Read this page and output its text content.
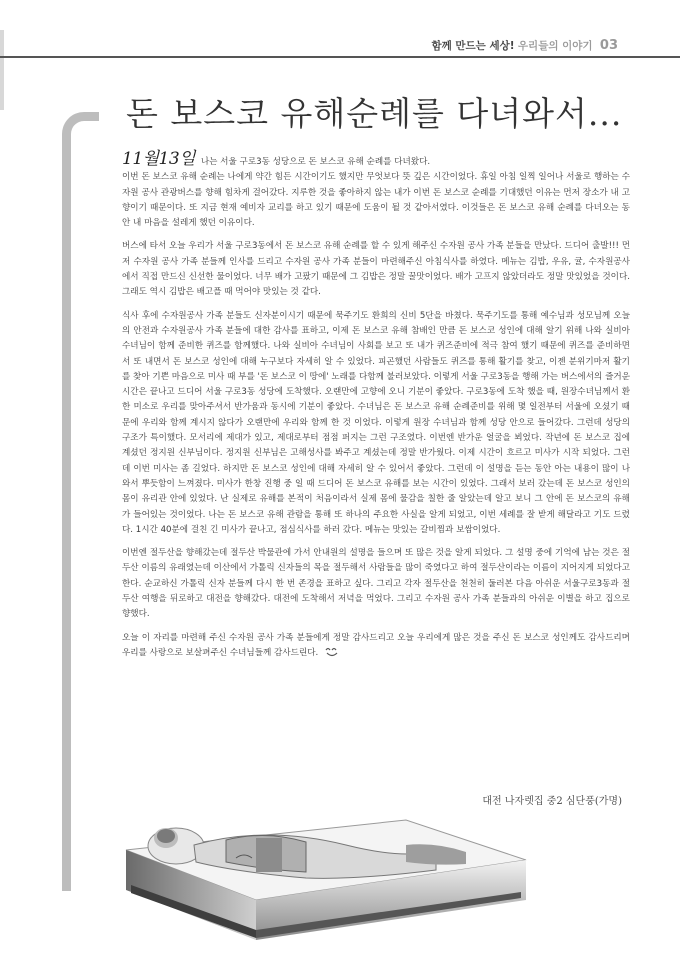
함께 만드는 세상! 우리들의 이야기 03
돈 보스코 유해순례를 다녀와서...

11월13일 나는 서울 구로3동 성당으로 돈 보스코 유해 순례를 다녀왔다.
이번 돈 보스코 유해 순례는 나에게 약간 힘든 시간이기도 했지만 무엇보다 뜻 깊은 시간이었다. 휴일 아침 일찍 일어나 서울로 행하는 수자원 공사 관광버스를 향해 힘차게 걸어갔다. 지루한 것을 좋아하지 않는 내가 이번 돈 보스코 순례를 기대했던 이유는 먼저 장소가 내 고향이기 때문이다. 또 지금 현재 예비자 교리를 하고 있기 때문에 도움이 될 것 같아서였다. 이것들은 돈 보스코 유해 순례를 다녀오는 동안 내 마음을 설레게 했던 이유이다.

버스에 타서 오늘 우리가 서울 구로3동에서 돈 보스코 유해 순례를 할 수 있게 해주신 수자원 공사 가족 분들을 만났다. 드디어 출발!!! 먼저 수자원 공사 가족 분들께 인사를 드리고 수자원 공사 가족 분들이 마련해주신 아침식사를 하였다. 메뉴는 김밥, 우유, 귤, 수자원공사에서 직접 만드신 신선한 물이었다. 너무 배가 고팠기 때문에 그 김밥은 정말 꿀맛이었다. 배가 고프지 않았더라도 정말 맛있었을 것이다. 그래도 역시 김밥은 배고플 때 먹어야 맛있는 것 같다.

식사 후에 수자원공사 가족 분들도 신자분이시기 때문에 묵주기도 환희의 신비 5단을 바쳤다. 묵주기도를 통해 예수님과 성모님께 오늘의 안전과 수자원공사 가족 분들에 대한 감사를 표하고, 이제 돈 보스코 유해 참배인 만큼 돈 보스코 성인에 대해 알기 위해 나와 실비아수녀님이 함께 준비한 퀴즈를 함께했다. 나와 실비아 수녀님이 사회를 보고 또 내가 퀴즈준비에 적극 참여 했기 때문에 퀴즈를 준비하면서 또 내면서 돈 보스코 성인에 대해 누구보다 자세히 알 수 있었다. 피곤했던 사람들도 퀴즈를 통해 활기를 찾고, 이젠 분위기마저 활기를 찾아 기쁜 마음으로 미사 때 부를 '돈 보스코 이 땅에' 노래를 다함께 불러보았다. 이렇게 서울 구로3동을 행해 가는 버스에서의 즐거운 시간은 끝나고 드디어 서울 구로3동 성당에 도착했다. 오랜만에 고향에 오니 기분이 좋았다. 구로3동에 도착 했을 때, 원장수녀님께서 환한 미소로 우리를 맞아주셔서 반가움과 동시에 기분이 좋았다. 수녀님은 돈 보스코 유해 순례준비를 위해 몇 일전부터 서울에 오셨기 때문에 우리와 함께 계시지 않다가 오랜만에 우리와 함께 한 것 이었다. 이렇게 원장 수녀님과 함께 성당 안으로 들어갔다. 그런데 성당의 구조가 특이했다. 모서리에 제대가 있고, 제대로부터 점점 퍼지는 그런 구조였다. 이번엔 반가운 얼굴을 뵈었다. 작년에 돈 보스코 집에 계셨던 정지원 신부님이다. 정지원 신부님은 고해성사를 봐주고 계셨는데 정말 반가웠다. 이제 시간이 흐르고 미사가 시작 되었다. 그런데 이번 미사는 좀 길었다. 하지만 돈 보스코 성인에 대해 자세히 알 수 있어서 좋았다. 그런데 이 설명을 듣는 동안 아는 내용이 많이 나와서 뿌듯함이 느껴졌다. 미사가 한창 진행 중 일 때 드디어 돈 보스코 유해를 보는 시간이 있었다. 그래서 보러 갔는데 돈 보스코 성인의 몸이 유리관 안에 있었다. 난 실제로 유해를 본적이 처음이라서 실제 몸에 물감을 칠한 줄 알았는데 알고 보니 그 안에 돈 보스코의 유해가 들어있는 것이었다. 나는 돈 보스코 유해 관람을 통해 또 하나의 주요한 사실을 알게 되었고, 이번 세례를 잘 받게 해달라고 기도 드렸다. 1시간 40분에 걸친 긴 미사가 끝나고, 점심식사를 하러 갔다. 메뉴는 맛있는 갈비찜과 보쌈이었다.

이번엔 절두산을 향해갔는데 절두산 박물관에 가서 안내원의 설명을 들으며 또 많은 것을 알게 되었다. 그 설명 중에 기억에 남는 것은 절두산 이름의 유래였는데 이산에서 가톨릭 신자들의 목을 절두해서 사람들을 많이 죽였다고 하여 절두산이라는 이름이 지어지게 되었다고 한다. 순교하신 가톨릭 신자 분들께 다시 한 번 존경을 표하고 싶다. 그리고 각자 절두산을 천천히 둘러본 다음 아쉬운 서울구로3동과 절두산 여행을 뒤로하고 대전을 향해갔다. 대전에 도착해서 저녁을 먹었다. 그리고 수자원 공사 가족 분들과의 아쉬운 이별을 하고 집으로 향했다.

오늘 이 자리를 마련해 주신 수자원 공사 가족 분들에게 정말 감사드리고 오늘 우리에게 많은 것을 주신 돈 보스코 성인께도 감사드리며 우리를 사랑으로 보살펴주신 수녀님들께 감사드린다.

대전 나자렛집 중2 심단풍(가명)
